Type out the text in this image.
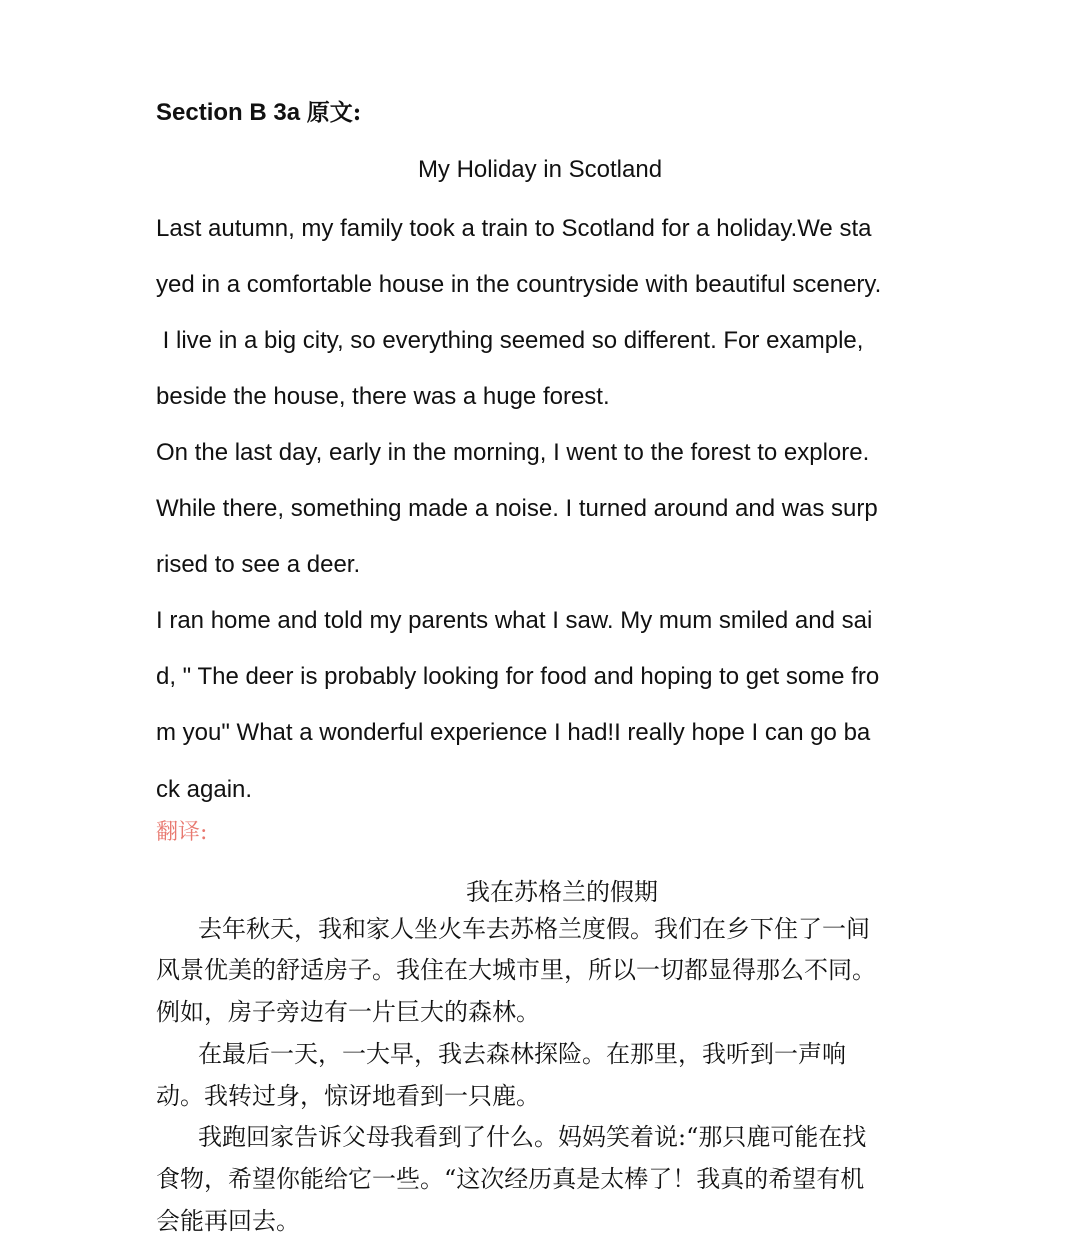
Section B 3a 原文:
My Holiday in Scotland
Last autumn, my family took a train to Scotland for a holiday.We sta
yed in a comfortable house in the countryside with beautiful scenery.
I live in a big city, so everything seemed so different. For example,
beside the house, there was a huge forest.
On the last day, early in the morning, I went to the forest to explore.
While there, something made a noise. I turned around and was surp
rised to see a deer.
I ran home and told my parents what I saw. My mum smiled and sai
d, " The deer is probably looking for food and hoping to get some fro
m you" What a wonderful experience I had!I really hope I can go ba
ck again.
翻译:
我在苏格兰的假期
去年秋天，我和家人坐火车去苏格兰度假。我们在乡下住了一间
风景优美的舒适房子。我住在大城市里，所以一切都显得那么不同。
例如，房子旁边有一片巨大的森林。
在最后一天，一大早，我去森林探险。在那里，我听到一声响
动。我转过身，惊讶地看到一只鹿。
我跑回家告诉父母我看到了什么。妈妈笑着说:“那只鹿可能在找
食物，希望你能给它一些。“这次经历真是太棒了！我真的希望有机
会能再回去。
